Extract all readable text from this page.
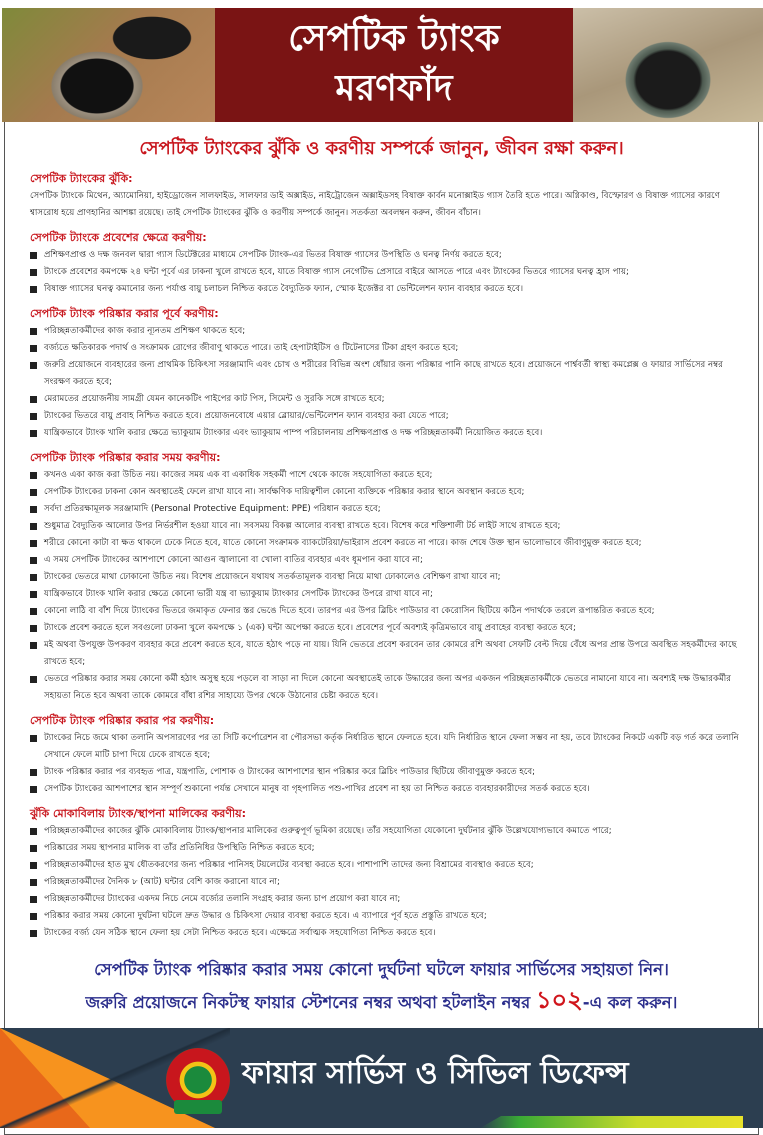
সেপটিক ট্যাংক
মরণফাঁদ
সেপটিক ট্যাংকের ঝুঁকি ও করণীয় সম্পর্কে জানুন, জীবন রক্ষা করুন।
সেপটিক ট্যাংকের ঝুঁকি:
সেপটিক ট্যাংকে মিথেন, অ্যামোনিয়া, হাইড্রোজেন সালফাইড, সালফার ডাই অক্সাইড, নাইট্রোজেন অক্সাইডসহ বিষাক্ত কার্বন মনোক্সাইড গ্যাস তৈরি হতে পারে। অগ্নিকাণ্ড, বিস্ফোরণ ও বিষাক্ত গ্যাসের কারণে শ্বাসরোধ হয়ে প্রাণহানির আশঙ্কা রয়েছে। তাই সেপটিক ট্যাংকের ঝুঁকি ও করণীয় সম্পর্কে জানুন। সতর্কতা অবলম্বন করুন, জীবন বাঁচান।
সেপটিক ট্যাংকে প্রবেশের ক্ষেত্রে করণীয়:
প্রশিক্ষণপ্রাপ্ত ও দক্ষ জনবল দ্বারা গ্যাস ডিটেক্টরের মাধ্যমে সেপটিক ট্যাংক-এর ভিতর বিষাক্ত গ্যাসের উপস্থিতি ও ঘনত্ব নির্ণয় করতে হবে;
ট্যাংকে প্রবেশের কমপক্ষে ২৪ ঘন্টা পূর্বে এর ঢাকনা খুলে রাখতে হবে, যাতে বিষাক্ত গ্যাস নেগেটিভ প্রেসারে বাইরে আসতে পারে এবং ট্যাংকের ভিতরে গ্যাসের ঘনত্ব হ্রাস পায়;
বিষাক্ত গ্যাসের ঘনত্ব কমানোর জন্য পর্যাপ্ত বায়ু চলাচল নিশ্চিত করতে বৈদ্যুতিক ফ্যান, স্মোক ইজেক্টর বা ভেন্টিলেশন ফ্যান ব্যবহার করতে হবে।
সেপটিক ট্যাংক পরিষ্কার করার পূর্বে করণীয়:
পরিচ্ছন্নতাকর্মীদের কাজ করার ন্যূনতম প্রশিক্ষণ থাকতে হবে;
বর্জ্যতে ক্ষতিকারক পদার্থ ও সংক্রামক রোগের জীবাণু থাকতে পারে। তাই হেপাটাইটিস ও টিটেনাসের টিকা গ্রহণ করতে হবে;
জরুরি প্রয়োজনে ব্যবহারের জন্য প্রাথমিক চিকিৎসা সরঞ্জামাদি এবং চোখ ও শরীরের বিভিন্ন অংশ ধোঁয়ার জন্য পরিষ্কার পানি কাছে রাখতে হবে। প্রয়োজনে পার্শ্ববর্তী স্বাস্থ্য কমপ্লেক্স ও ফায়ার সার্ভিসের নম্বর সংরক্ষণ করতে হবে;
মেরামতের প্রয়োজনীয় সামগ্রী যেমন কানেকটিং পাইপের কাট পিস, সিমেন্ট ও সুরকি সঙ্গে রাখতে হবে;
ট্যাংকের ভিতরে বায়ু প্রবাহ নিশ্চিত করতে হবে। প্রয়োজনবোধে এয়ার ব্লোয়ার/ভেন্টিলেশন ফ্যান ব্যবহার করা যেতে পারে;
যান্ত্রিকভাবে ট্যাংক খালি করার ক্ষেত্রে ভ্যাকুয়াম ট্যাংকার এবং ভ্যাকুয়াম পাম্প পরিচালনায় প্রশিক্ষণপ্রাপ্ত ও দক্ষ পরিচ্ছন্নতাকর্মী নিয়োজিত করতে হবে।
সেপটিক ট্যাংক পরিষ্কার করার সময় করণীয়:
কখনও একা কাজ করা উচিত নয়। কাজের সময় এক বা একাধিক সহকর্মী পাশে থেকে কাজে সহযোগিতা করতে হবে;
সেপটিক ট্যাংকের ঢাকনা কোন অবস্থাতেই ফেলে রাখা যাবে না। সার্বক্ষণিক দায়িত্বশীল কোনো ব্যক্তিকে পরিষ্কার করার স্থানে অবস্থান করতে হবে;
সর্বদা প্রতিরক্ষামূলক সরঞ্জামাদি (Personal Protective Equipment: PPE) পরিধান করতে হবে;
শুধুমাত্র বৈদ্যুতিক আলোর উপর নির্ভরশীল হওয়া যাবে না। সবসময় বিকল্প আলোর ব্যবস্থা রাখতে হবে। বিশেষ করে শক্তিশালী টর্চ লাইট সাথে রাখতে হবে;
শরীরে কোনো কাটা বা ক্ষত থাকলে ঢেকে নিতে হবে, যাতে কোনো সংক্রামক ব্যাকটেরিয়া/ভাইরাস প্রবেশ করতে না পারে। কাজ শেষে উক্ত স্থান ভালোভাবে জীবাণুমুক্ত করতে হবে;
এ সময় সেপটিক ট্যাংকের আশপাশে কোনো আগুন জ্বালানো বা খোলা বাতির ব্যবহার এবং ধূমপান করা যাবে না;
ট্যাংকের ভেতরে মাথা ঢোকানো উচিত নয়। বিশেষ প্রয়োজনে যথাযথ সতর্কতামূলক ব্যবস্থা নিয়ে মাথা ঢোকালেও বেশিক্ষণ রাখা যাবে না;
যান্ত্রিকভাবে ট্যাংক খালি করার ক্ষেত্রে কোনো ভারী যন্ত্র বা ভ্যাকুয়াম ট্যাংকার সেপটিক ট্যাংকের উপরে রাখা যাবে না;
কোনো লাঠি বা বাঁশ দিয়ে ট্যাংকের ভিতরে জমাকৃত ফেনার স্তর ভেঙে দিতে হবে। তারপর এর উপর ব্লিচিং পাউডার বা কেরোসিন ছিটিয়ে কঠিন পদার্থকে তরলে রূপান্তরিত করতে হবে;
ট্যাংকে প্রবেশ করতে হলে সবগুলো ঢাকনা খুলে কমপক্ষে ১ (এক) ঘন্টা অপেক্ষা করতে হবে। প্রবেশের পূর্বে অবশ্যই কৃত্রিমভাবে বায়ু প্রবাহের ব্যবস্থা করতে হবে;
মই অথবা উপযুক্ত উপকরণ ব্যবহার করে প্রবেশ করতে হবে, যাতে হঠাৎ পড়ে না যায়। যিনি ভেতরে প্রবেশ করবেন তার কোমরে রশি অথবা সেফটি বেল্ট দিয়ে বেঁধে অপর প্রান্ত উপরে অবস্থিত সহকর্মীদের কাছে রাখতে হবে;
ভেতরে পরিষ্কার করার সময় কোনো কর্মী হঠাৎ অসুস্থ হয়ে পড়লে বা সাড়া না দিলে কোনো অবস্থাতেই তাকে উদ্ধারের জন্য অপর একজন পরিচ্ছন্নতাকর্মীকে ভেতরে নামানো যাবে না। অবশ্যই দক্ষ উদ্ধারকর্মীর সহায়তা নিতে হবে অথবা তাকে কোমরে বাঁধা রশির সাহায্যে উপর থেকে উঠানোর চেষ্টা করতে হবে।
সেপটিক ট্যাংক পরিষ্কার করার পর করণীয়:
ট্যাংকের নিচে জমে থাকা তলানি অপসারণের পর তা সিটি কর্পোরেশন বা পৌরসভা কর্তৃক নির্ধারিত স্থানে ফেলতে হবে। যদি নির্ধারিত স্থানে ফেলা সম্ভব না হয়, তবে ট্যাংকের নিকটে একটি বড় গর্ত করে তলানি সেখানে ফেলে মাটি চাপা দিয়ে ঢেকে রাখতে হবে;
ট্যাংক পরিষ্কার করার পর ব্যবহৃত পাত্র, যন্ত্রপাতি, পোশাক ও ট্যাংকের আশপাশের স্থান পরিষ্কার করে ব্লিচিং পাউডার ছিটিয়ে জীবাণুমুক্ত করতে হবে;
সেপটিক ট্যাংকের আশপাশের স্থান সম্পূর্ণ শুকানো পর্যন্ত সেখানে মানুষ বা গৃহপালিত পশু-পাখির প্রবেশ না হয় তা নিশ্চিত করতে ব্যবহারকারীদের সতর্ক করতে হবে।
ঝুঁকি মোকাবিলায় ট্যাংক/স্থাপনা মালিকের করণীয়:
পরিচ্ছন্নতাকর্মীদের কাজের ঝুঁকি মোকাবিলায় ট্যাংক/স্থাপনার মালিকের গুরুত্বপূর্ণ ভূমিকা রয়েছে। তাঁর সহযোগিতা যেকোনো দুর্ঘটনার ঝুঁকি উল্লেখযোগ্যভাবে কমাতে পারে;
পরিষ্কারের সময় স্থাপনার মালিক বা তাঁর প্রতিনিধির উপস্থিতি নিশ্চিত করতে হবে;
পরিচ্ছন্নতাকর্মীদের হাত মুখ ধৌতকরণের জন্য পরিষ্কার পানিসহ টয়লেটের ব্যবস্থা করতে হবে। পাশাপাশি তাদের জন্য বিশ্রামের ব্যবস্থাও করতে হবে;
পরিচ্ছন্নতাকর্মীদের দৈনিক ৮ (আট) ঘন্টার বেশি কাজ করানো যাবে না;
পরিচ্ছন্নতাকর্মীদের ট্যাংকের একদম নিচে নেমে বর্জ্যের তলানি সংগ্রহ করার জন্য চাপ প্রয়োগ করা যাবে না;
পরিষ্কার করার সময় কোনো দুর্ঘটনা ঘটলে দ্রুত উদ্ধার ও চিকিৎসা দেয়ার ব্যবস্থা করতে হবে। এ ব্যাপারে পূর্ব হতে প্রস্তুতি রাখতে হবে;
ট্যাংকের বর্জ্য যেন সঠিক স্থানে ফেলা হয় সেটা নিশ্চিত করতে হবে। এক্ষেত্রে সর্বাত্মক সহযোগিতা নিশ্চিত করতে হবে।
সেপটিক ট্যাংক পরিষ্কার করার সময় কোনো দুর্ঘটনা ঘটলে ফায়ার সার্ভিসের সহায়তা নিন।
জরুরি প্রয়োজনে নিকটস্থ ফায়ার স্টেশনের নম্বর অথবা হটলাইন নম্বর ১০২-এ কল করুন।
ফায়ার সার্ভিস ও সিভিল ডিফেন্স
